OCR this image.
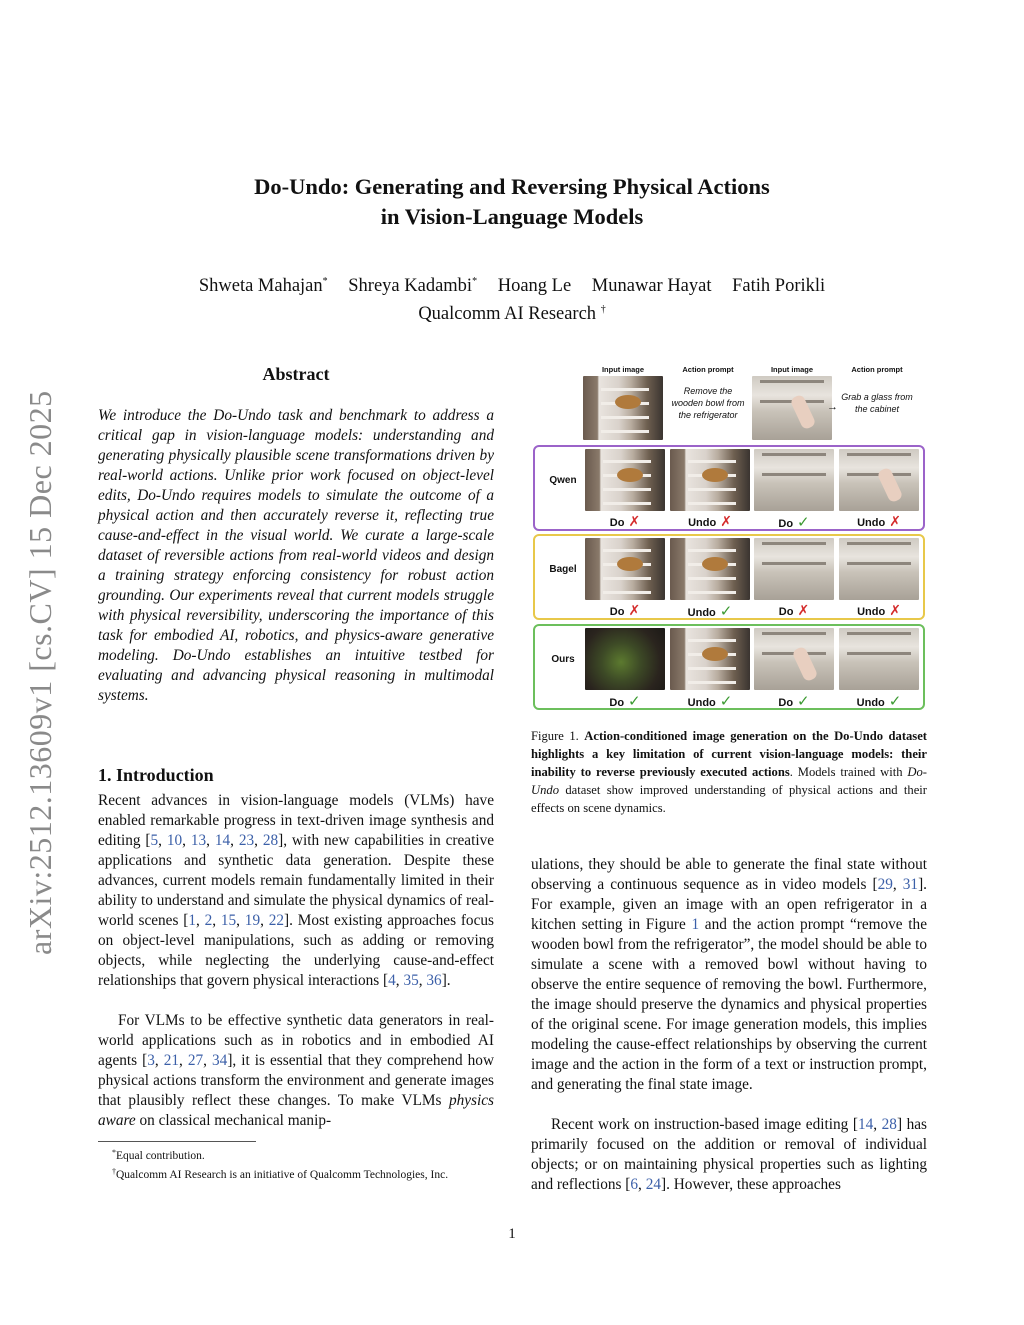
arXiv:2512.13609v1 [cs.CV] 15 Dec 2025
Do-Undo: Generating and Reversing Physical Actions
in Vision-Language Models
Shweta Mahajan* Shreya Kadambi* Hoang Le Munawar Hayat Fatih Porikli
Qualcomm AI Research †
Abstract
We introduce the Do-Undo task and benchmark to address a critical gap in vision-language models: understanding and generating physically plausible scene transformations driven by real-world actions. Unlike prior work focused on object-level edits, Do-Undo requires models to simulate the outcome of a physical action and then accurately reverse it, reflecting true cause-and-effect in the visual world. We curate a large-scale dataset of reversible actions from real-world videos and design a training strategy enforcing consistency for robust action grounding. Our experiments reveal that current models struggle with physical reversibility, underscoring the importance of this task for embodied AI, robotics, and physics-aware generative modeling. Do-Undo establishes an intuitive testbed for evaluating and advancing physical reasoning in multimodal systems.
1. Introduction
Recent advances in vision-language models (VLMs) have enabled remarkable progress in text-driven image synthesis and editing [5, 10, 13, 14, 23, 28], with new capabilities in creative applications and synthetic data generation. Despite these advances, current models remain fundamentally limited in their ability to understand and simulate the physical dynamics of real-world scenes [1, 2, 15, 19, 22]. Most existing approaches focus on object-level manipulations, such as adding or removing objects, while neglecting the underlying cause-and-effect relationships that govern physical interactions [4, 35, 36].
For VLMs to be effective synthetic data generators in real-world applications such as in robotics and in embodied AI agents [3, 21, 27, 34], it is essential that they comprehend how physical actions transform the environment and generate images that plausibly reflect these changes. To make VLMs physics aware on classical mechanical manip-
*Equal contribution.
†Qualcomm AI Research is an initiative of Qualcomm Technologies, Inc.
Input image	Action prompt	Input image	Action prompt
Remove the wooden bowl from the refrigerator
→
Grab a glass from the cabinet
Qwen
Do ✗	Undo ✗	Do ✓	Undo ✗
Bagel
Do ✗	Undo ✓	Do ✗	Undo ✗
Ours
Do ✓	Undo ✓	Do ✓	Undo ✓
Figure 1. Action-conditioned image generation on the Do-Undo dataset highlights a key limitation of current vision-language models: their inability to reverse previously executed actions. Models trained with Do-Undo dataset show improved understanding of physical actions and their effects on scene dynamics.
ulations, they should be able to generate the final state without observing a continuous sequence as in video models [29, 31]. For example, given an image with an open refrigerator in a kitchen setting in Figure 1 and the action prompt “remove the wooden bowl from the refrigerator”, the model should be able to simulate a scene with a removed bowl without having to observe the entire sequence of removing the bowl. Furthermore, the image should preserve the dynamics and physical properties of the original scene. For image generation models, this implies modeling the cause-effect relationships by observing the current image and the action in the form of a text or instruction prompt, and generating the final state image.
Recent work on instruction-based image editing [14, 28] has primarily focused on the addition or removal of individual objects; or on maintaining physical properties such as lighting and reflections [6, 24]. However, these approaches
1
